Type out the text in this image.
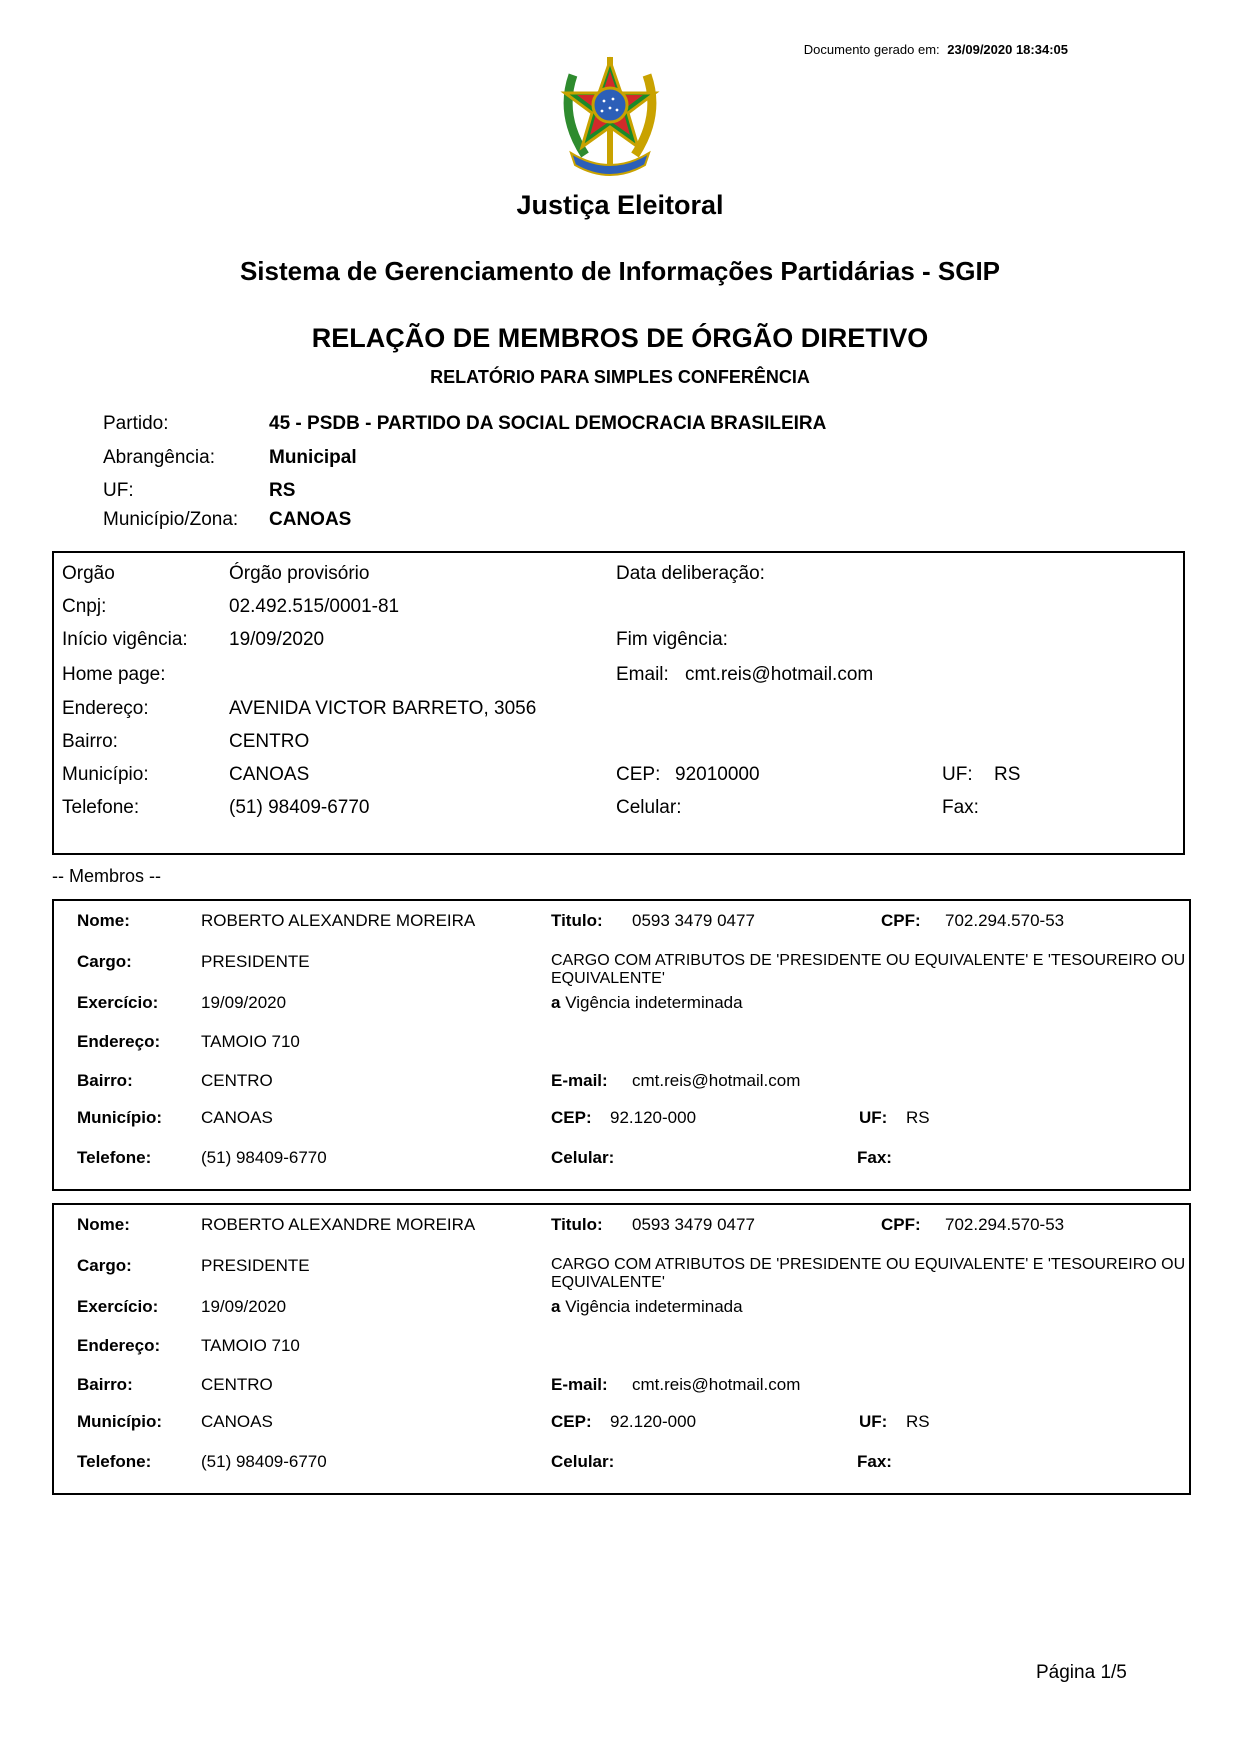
Documento gerado em: 23/09/2020 18:34:05
Justiça Eleitoral
Sistema de Gerenciamento de Informações Partidárias - SGIP
RELAÇÃO DE MEMBROS DE ÓRGÃO DIRETIVO
RELATÓRIO PARA SIMPLES CONFERÊNCIA
Partido:	45 - PSDB - PARTIDO DA SOCIAL DEMOCRACIA BRASILEIRA
Abrangência:	Municipal
UF:	RS
Município/Zona: CANOAS
Orgão	Órgão provisório	Data deliberação:
Cnpj:	02.492.515/0001-81
Início vigência: 19/09/2020	Fim vigência:
Home page:	Email: cmt.reis@hotmail.com
Endereço:	AVENIDA VICTOR BARRETO, 3056
Bairro:	CENTRO
Município:	CANOAS	CEP: 92010000	UF: RS
Telefone:	(51) 98409-6770	Celular:	Fax:
-- Membros --
Nome:	ROBERTO ALEXANDRE MOREIRA	Titulo: 0593 3479 0477	CPF: 702.294.570-53
Cargo:	PRESIDENTE	CARGO COM ATRIBUTOS DE 'PRESIDENTE OU EQUIVALENTE' E 'TESOUREIRO OU EQUIVALENTE'
Exercício:	19/09/2020	a Vigência indeterminada
Endereço: TAMOIO 710
Bairro:	CENTRO	E-mail: cmt.reis@hotmail.com
Município: CANOAS	CEP: 92.120-000	UF: RS
Telefone:	(51) 98409-6770	Celular:	Fax:
Nome:	ROBERTO ALEXANDRE MOREIRA	Titulo: 0593 3479 0477	CPF: 702.294.570-53
Cargo:	PRESIDENTE	CARGO COM ATRIBUTOS DE 'PRESIDENTE OU EQUIVALENTE' E 'TESOUREIRO OU EQUIVALENTE'
Exercício:	19/09/2020	a Vigência indeterminada
Endereço: TAMOIO 710
Bairro:	CENTRO	E-mail: cmt.reis@hotmail.com
Município: CANOAS	CEP: 92.120-000	UF: RS
Telefone:	(51) 98409-6770	Celular:	Fax:
Página 1/5
